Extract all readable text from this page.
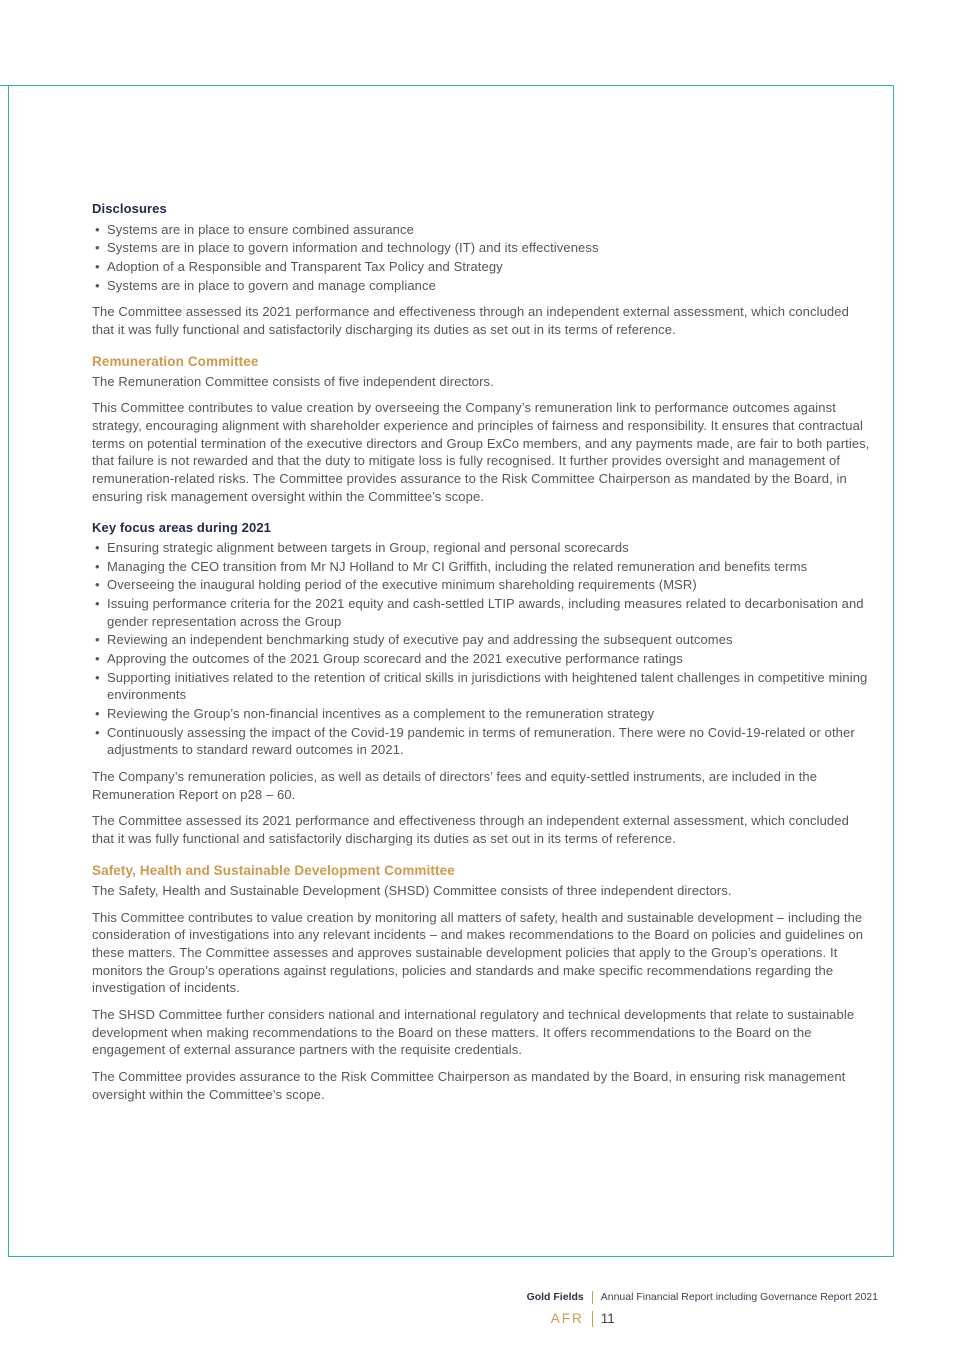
Disclosures
• Systems are in place to ensure combined assurance
• Systems are in place to govern information and technology (IT) and its effectiveness
• Adoption of a Responsible and Transparent Tax Policy and Strategy
• Systems are in place to govern and manage compliance

The Committee assessed its 2021 performance and effectiveness through an independent external assessment, which concluded that it was fully functional and satisfactorily discharging its duties as set out in its terms of reference.

Remuneration Committee

The Remuneration Committee consists of five independent directors.

This Committee contributes to value creation by overseeing the Company’s remuneration link to performance outcomes against strategy, encouraging alignment with shareholder experience and principles of fairness and responsibility. It ensures that contractual terms on potential termination of the executive directors and Group ExCo members, and any payments made, are fair to both parties, that failure is not rewarded and that the duty to mitigate loss is fully recognised. It further provides oversight and management of remuneration-related risks. The Committee provides assurance to the Risk Committee Chairperson as mandated by the Board, in ensuring risk management oversight within the Committee’s scope.

Key focus areas during 2021
• Ensuring strategic alignment between targets in Group, regional and personal scorecards
• Managing the CEO transition from Mr NJ Holland to Mr CI Griffith, including the related remuneration and benefits terms
• Overseeing the inaugural holding period of the executive minimum shareholding requirements (MSR)
• Issuing performance criteria for the 2021 equity and cash-settled LTIP awards, including measures related to decarbonisation and gender representation across the Group
• Reviewing an independent benchmarking study of executive pay and addressing the subsequent outcomes
• Approving the outcomes of the 2021 Group scorecard and the 2021 executive performance ratings
• Supporting initiatives related to the retention of critical skills in jurisdictions with heightened talent challenges in competitive mining environments
• Reviewing the Group’s non-financial incentives as a complement to the remuneration strategy
• Continuously assessing the impact of the Covid-19 pandemic in terms of remuneration. There were no Covid-19-related or other adjustments to standard reward outcomes in 2021.

The Company’s remuneration policies, as well as details of directors’ fees and equity-settled instruments, are included in the Remuneration Report on p28 – 60.

The Committee assessed its 2021 performance and effectiveness through an independent external assessment, which concluded that it was fully functional and satisfactorily discharging its duties as set out in its terms of reference.

Safety, Health and Sustainable Development Committee

The Safety, Health and Sustainable Development (SHSD) Committee consists of three independent directors.

This Committee contributes to value creation by monitoring all matters of safety, health and sustainable development – including the consideration of investigations into any relevant incidents – and makes recommendations to the Board on policies and guidelines on these matters. The Committee assesses and approves sustainable development policies that apply to the Group’s operations. It monitors the Group’s operations against regulations, policies and standards and make specific recommendations regarding the investigation of incidents.

The SHSD Committee further considers national and international regulatory and technical developments that relate to sustainable development when making recommendations to the Board on these matters. It offers recommendations to the Board on the engagement of external assurance partners with the requisite credentials.

The Committee provides assurance to the Risk Committee Chairperson as mandated by the Board, in ensuring risk management oversight within the Committee’s scope.

Gold Fields	Annual Financial Report including Governance Report 2021
AFR	11
